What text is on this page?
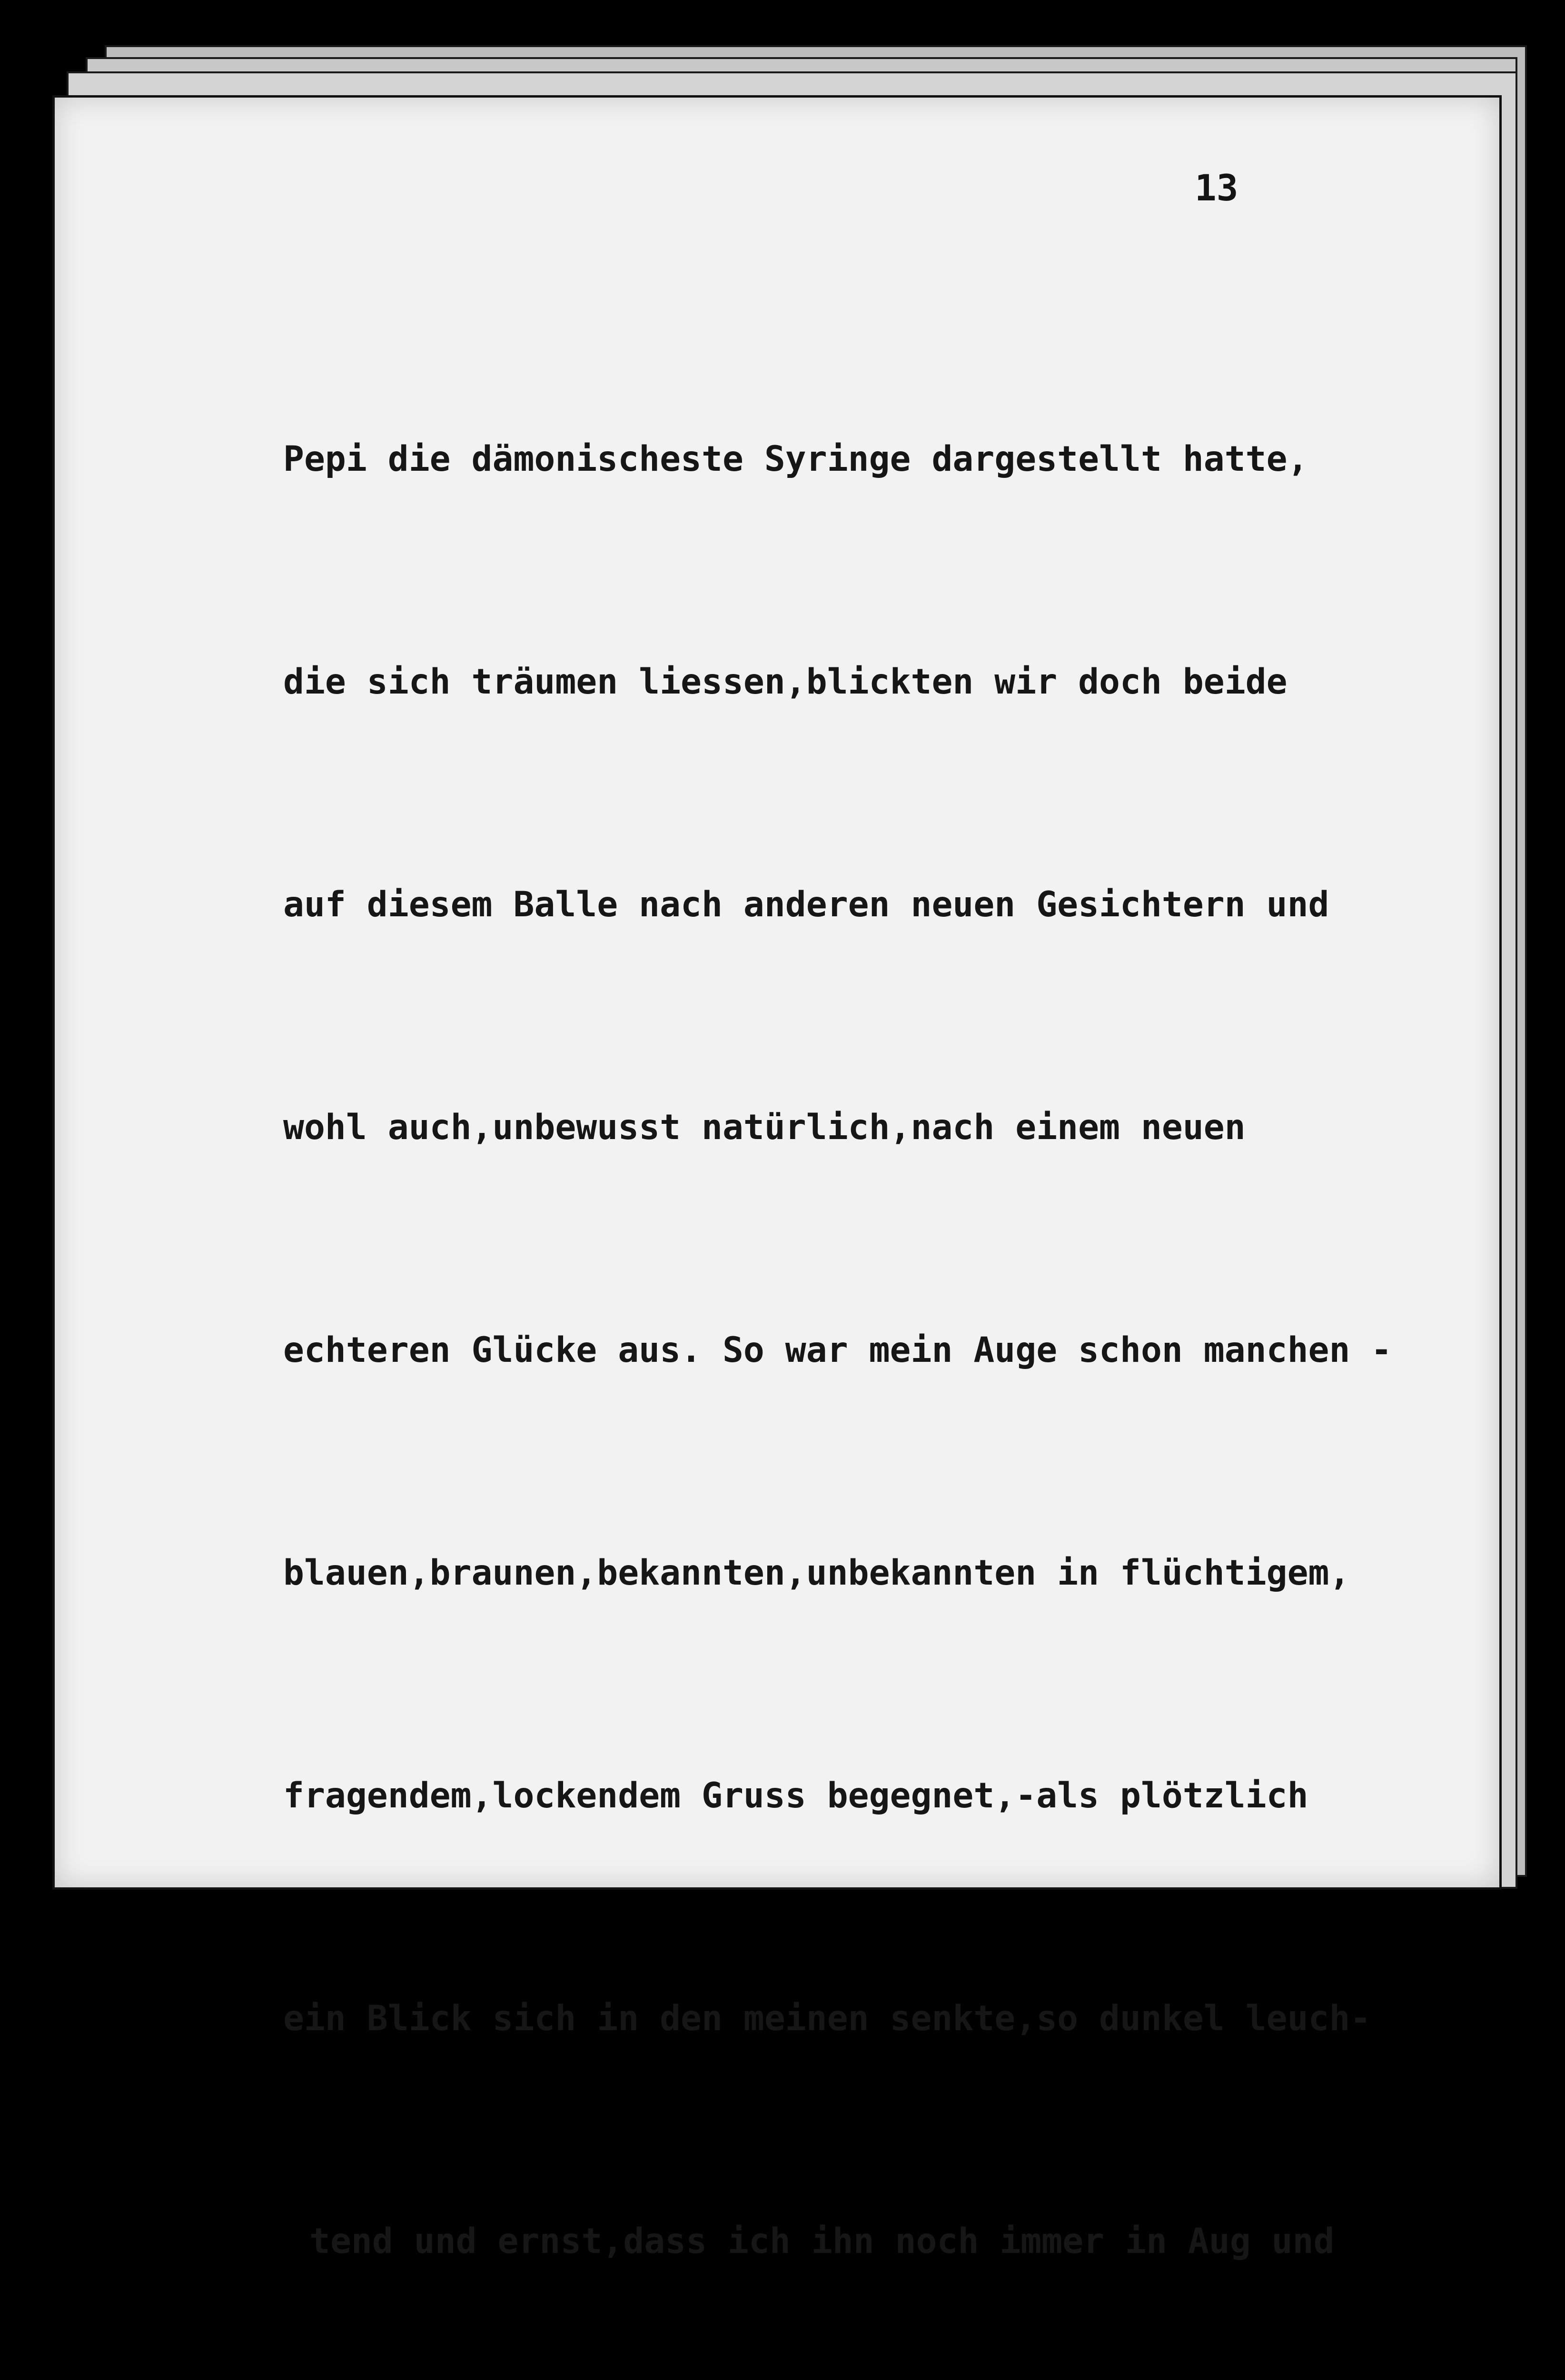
13

Pepi die dämonischeste Syringe dargestellt hatte,

die sich träumen liessen,blickten wir doch beide

auf diesem Balle nach anderen neuen Gesichtern und

wohl auch,unbewusst natürlich,nach einem neuen

echteren Glücke aus. So war mein Auge schon manchen -

blauen,braunen,bekannten,unbekannten in flüchtigem,

fragendem,lockendem Gruss begegnet,-als plötzlich

ein Blick sich in den meinen senkte,so dunkel leuch-

tend und ernst,dass ich ihn noch immer in Aug und
